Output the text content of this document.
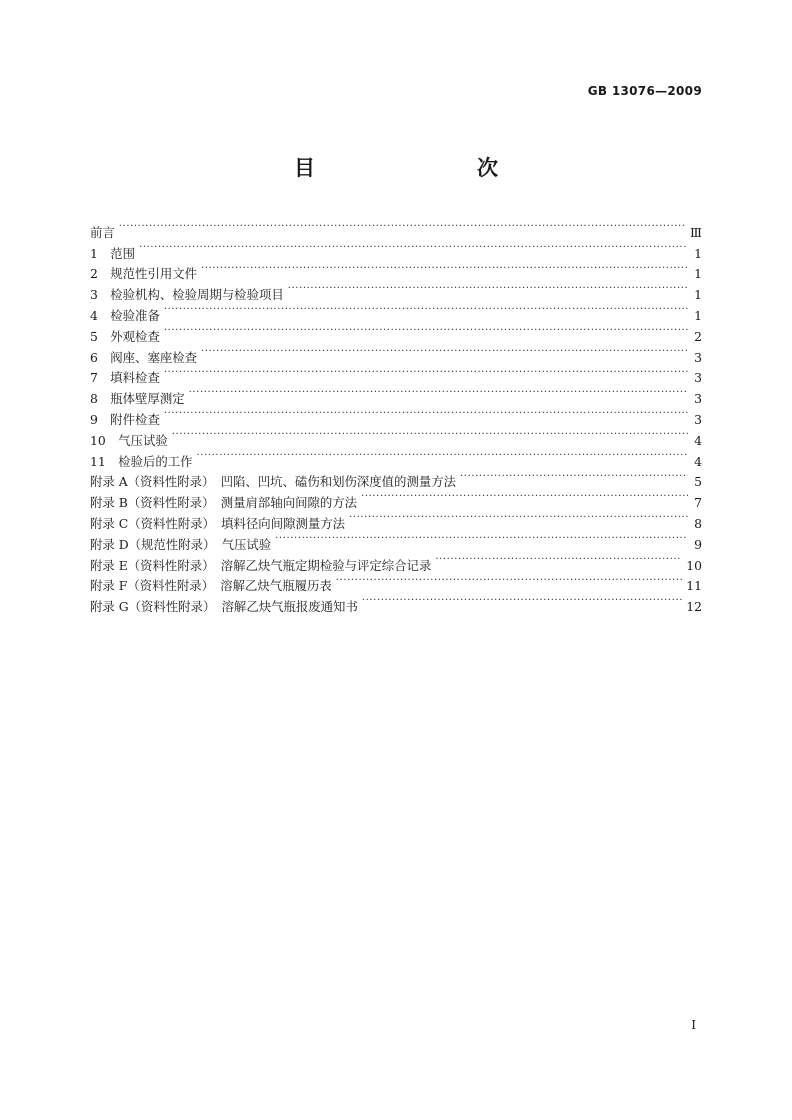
GB 13076—2009
目　　次
前言 ·····	Ⅲ
1　范围 ·····	1
2　规范性引用文件 ·····	1
3　检验机构、检验周期与检验项目 ·····	1
4　检验准备 ·····	1
5　外观检查 ·····	2
6　阀座、塞座检查 ·····	3
7　填料检查 ·····	3
8　瓶体壁厚测定 ·····	3
9　附件检查 ·····	3
10　气压试验 ·····	4
11　检验后的工作 ·····	4
附录 A（资料性附录）　凹陷、凹坑、磕伤和划伤深度值的测量方法 ·····	5
附录 B（资料性附录）　测量肩部轴向间隙的方法 ·····	7
附录 C（资料性附录）　填料径向间隙测量方法 ·····	8
附录 D（规范性附录）　气压试验 ·····	9
附录 E（资料性附录）　溶解乙炔气瓶定期检验与评定综合记录 ·····	10
附录 F（资料性附录）　溶解乙炔气瓶履历表 ·····	11
附录 G（资料性附录）　溶解乙炔气瓶报废通知书 ·····	12
Ⅰ
